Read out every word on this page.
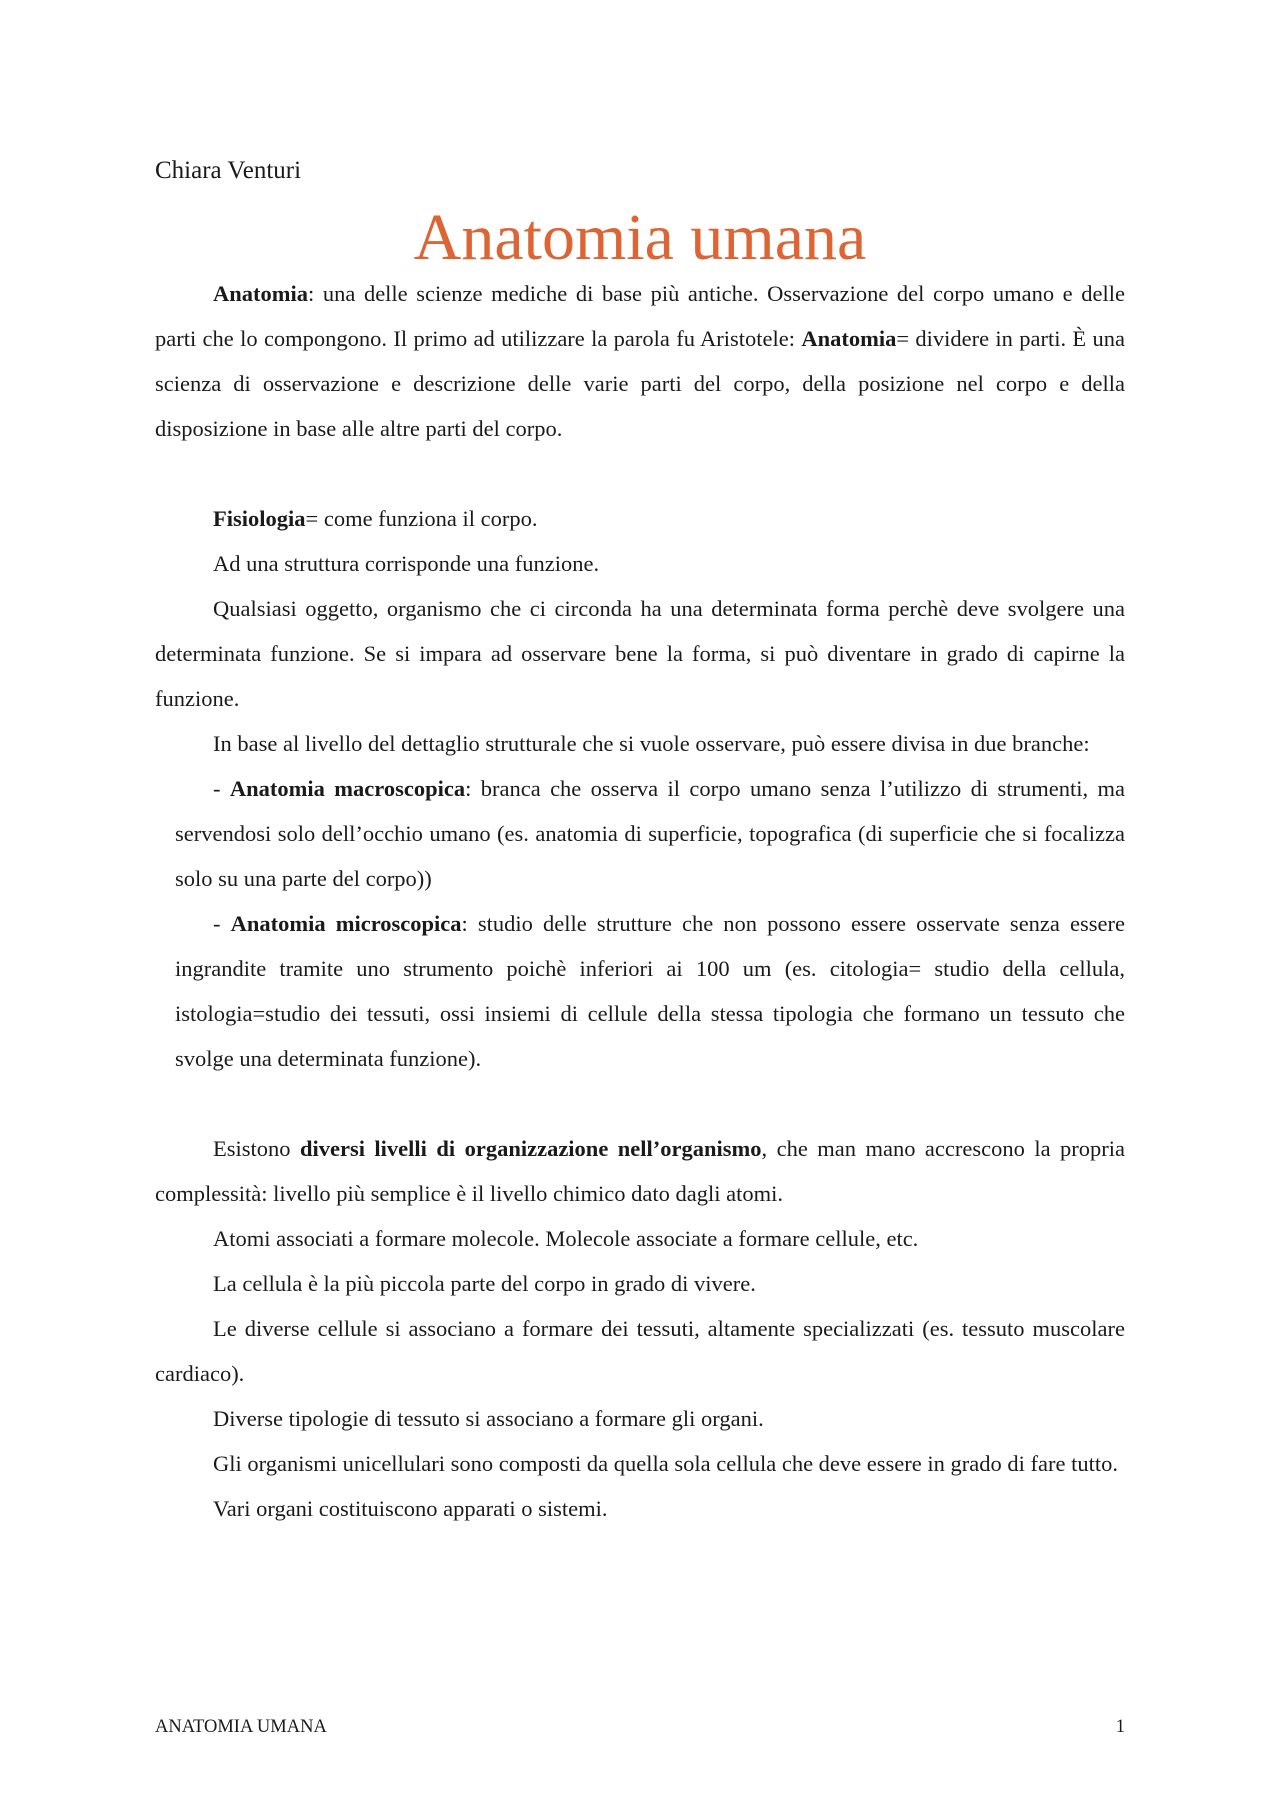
Chiara Venturi

Anatomia umana

Anatomia: una delle scienze mediche di base più antiche. Osservazione del corpo umano e delle parti che lo compongono. Il primo ad utilizzare la parola fu Aristotele: Anatomia= dividere in parti. È una scienza di osservazione e descrizione delle varie parti del corpo, della posizione nel corpo e della disposizione in base alle altre parti del corpo.

Fisiologia= come funziona il corpo.

Ad una struttura corrisponde una funzione.

Qualsiasi oggetto, organismo che ci circonda ha una determinata forma perchè deve svolgere una determinata funzione. Se si impara ad osservare bene la forma, si può diventare in grado di capirne la funzione.

In base al livello del dettaglio strutturale che si vuole osservare, può essere divisa in due branche:

- Anatomia macroscopica: branca che osserva il corpo umano senza l’utilizzo di strumenti, ma servendosi solo dell’occhio umano (es. anatomia di superficie, topografica (di superficie che si focalizza solo su una parte del corpo))

- Anatomia microscopica: studio delle strutture che non possono essere osservate senza essere ingrandite tramite uno strumento poichè inferiori ai 100 um (es. citologia= studio della cellula, istologia=studio dei tessuti, ossi insiemi di cellule della stessa tipologia che formano un tessuto che svolge una determinata funzione).

Esistono diversi livelli di organizzazione nell’organismo, che man mano accrescono la propria complessità: livello più semplice è il livello chimico dato dagli atomi.

Atomi associati a formare molecole. Molecole associate a formare cellule, etc.

La cellula è la più piccola parte del corpo in grado di vivere.

Le diverse cellule si associano a formare dei tessuti, altamente specializzati (es. tessuto muscolare cardiaco).

Diverse tipologie di tessuto si associano a formare gli organi.

Gli organismi unicellulari sono composti da quella sola cellula che deve essere in grado di fare tutto.

Vari organi costituiscono apparati o sistemi.

ANATOMIA UMANA	1
